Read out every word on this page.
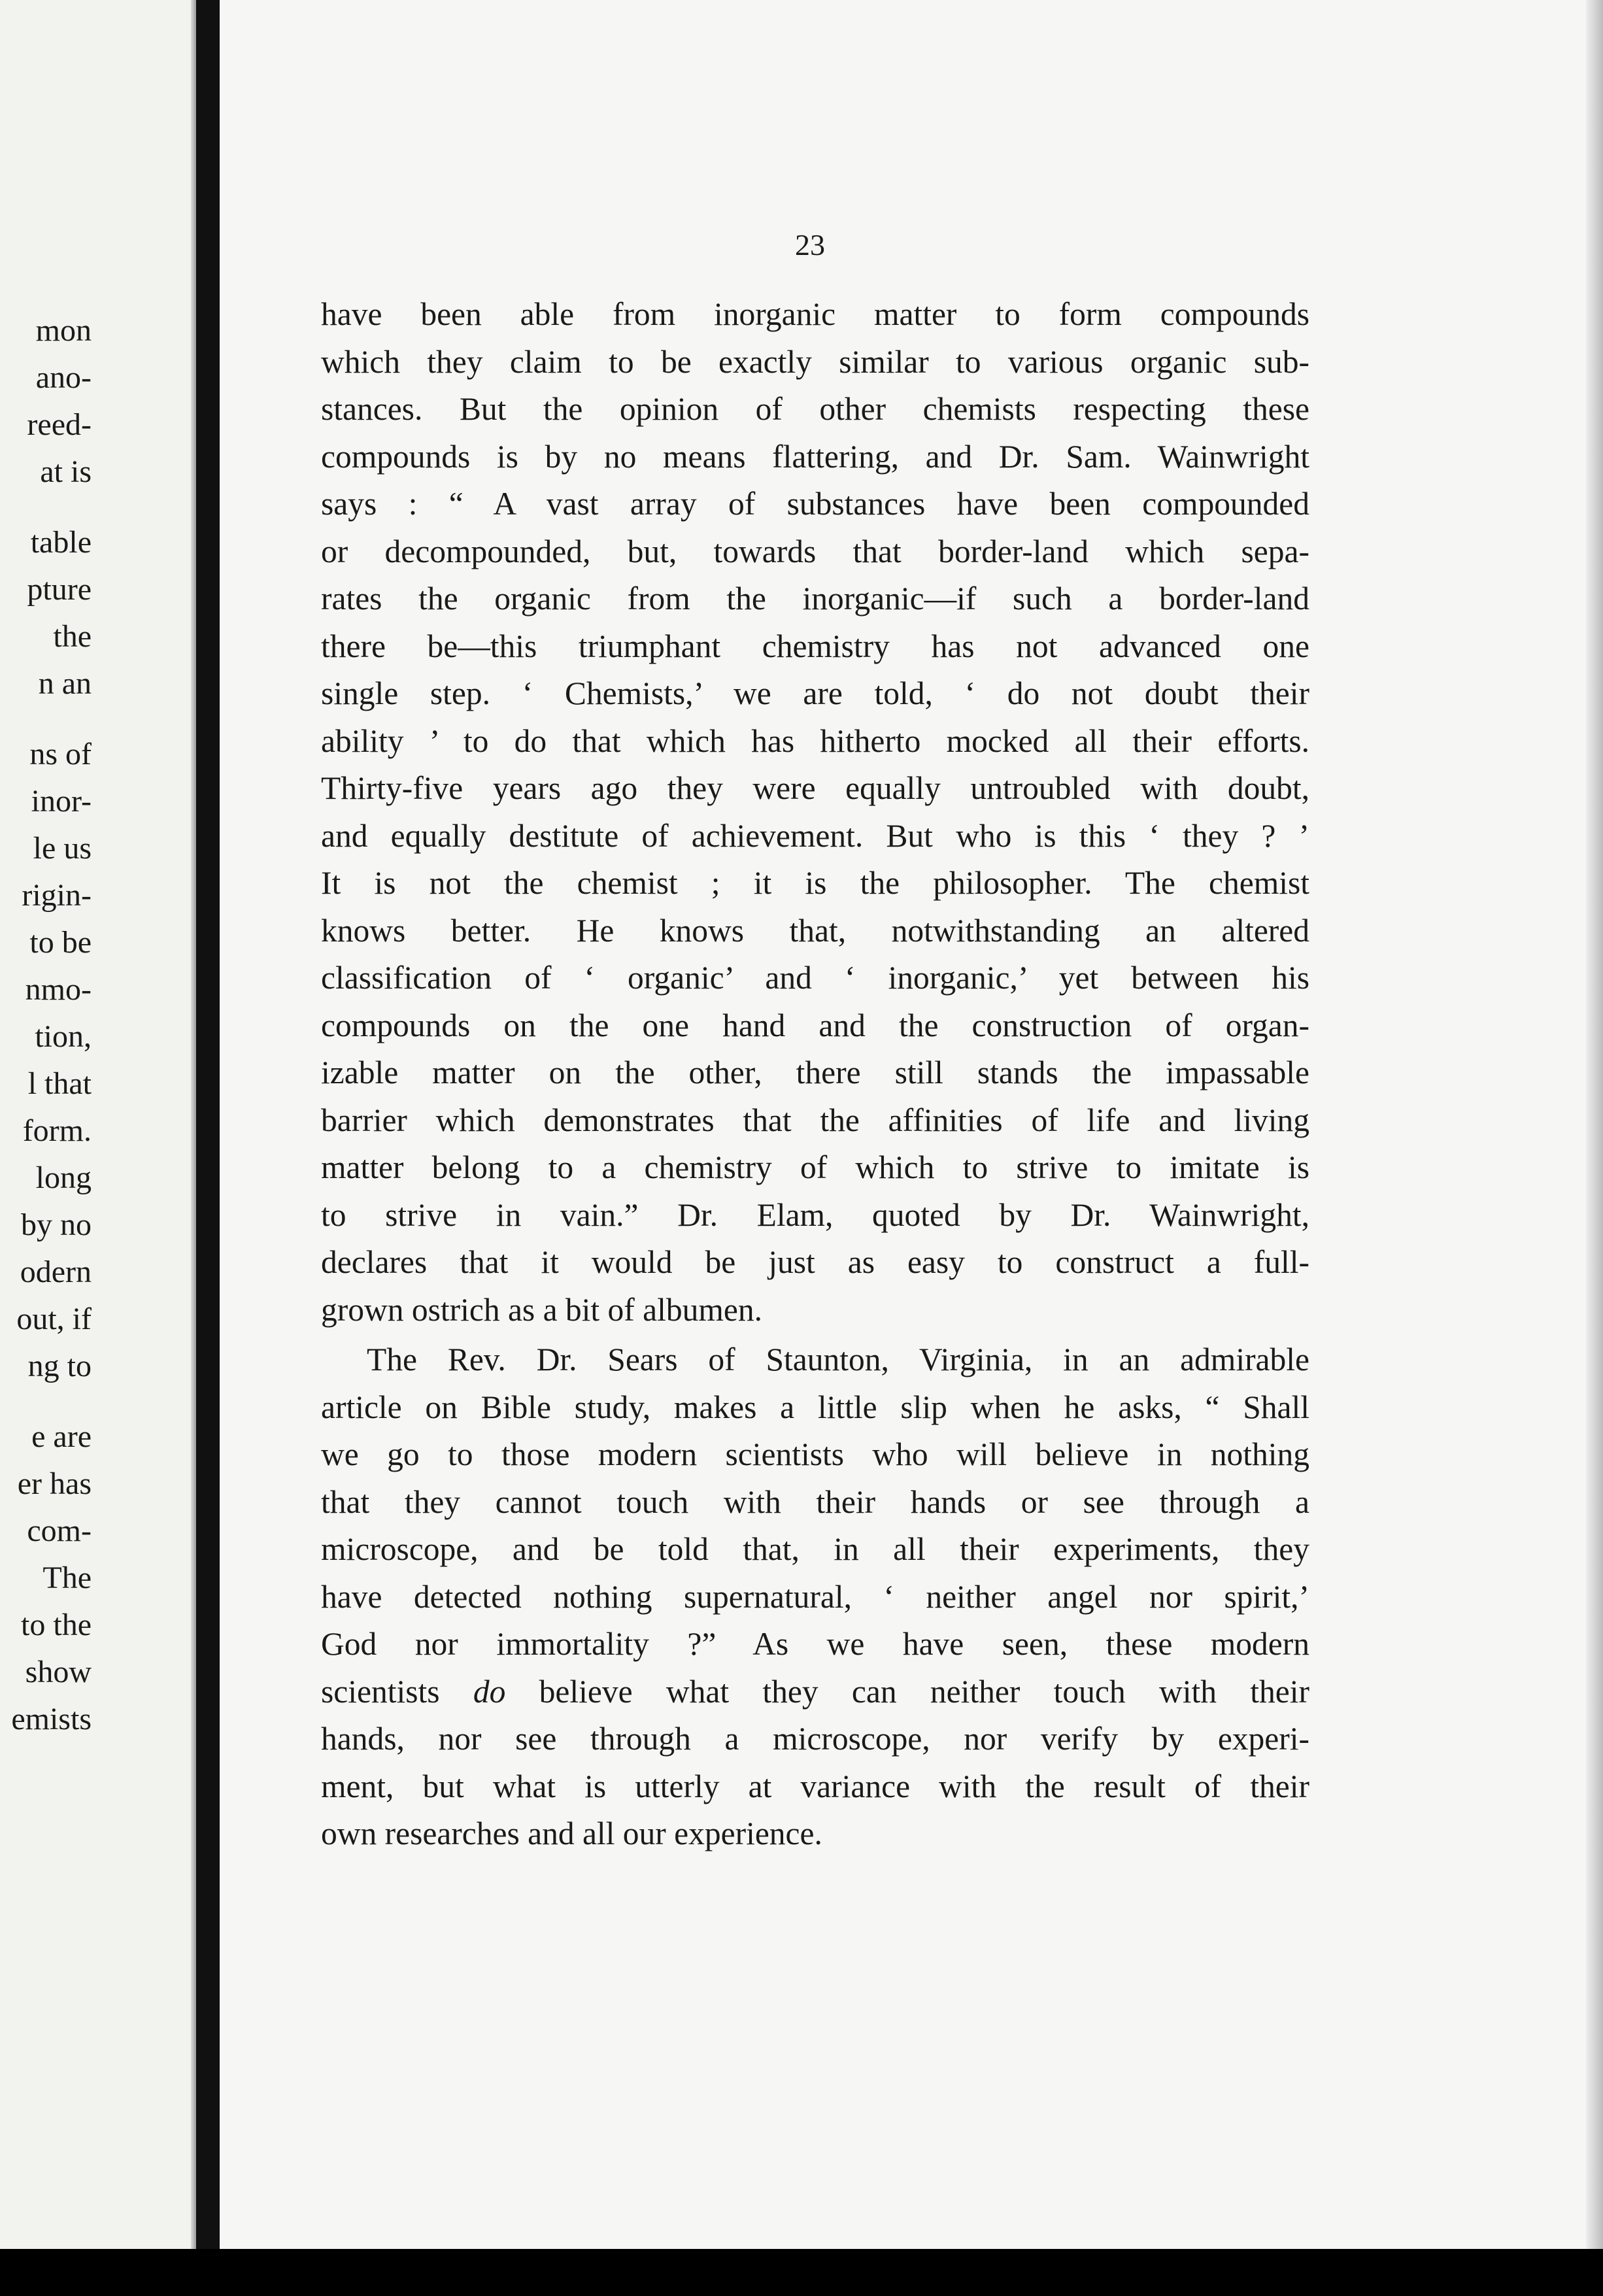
mon
ano-
reed-
at is
table
pture
the
n an
ns of
inor-
le us
rigin-
to be
nmo-
tion,
l that
form.
long
by no
odern
out, if
ng to
e are
er has
com-
The
to the
show
emists
23
have been able from inorganic matter to form compounds
which they claim to be exactly similar to various organic sub-
stances. But the opinion of other chemists respecting these
compounds is by no means flattering, and Dr. Sam. Wainwright
says : “ A vast array of substances have been compounded
or decompounded, but, towards that border-land which sepa-
rates the organic from the inorganic—if such a border-land
there be—this triumphant chemistry has not advanced one
single step. ‘ Chemists,’ we are told, ‘ do not doubt their
ability ’ to do that which has hitherto mocked all their efforts.
Thirty-five years ago they were equally untroubled with doubt,
and equally destitute of achievement. But who is this ‘ they ? ’
It is not the chemist ; it is the philosopher. The chemist
knows better. He knows that, notwithstanding an altered
classification of ‘ organic’ and ‘ inorganic,’ yet between his
compounds on the one hand and the construction of organ-
izable matter on the other, there still stands the impassable
barrier which demonstrates that the affinities of life and living
matter belong to a chemistry of which to strive to imitate is
to strive in vain.” Dr. Elam, quoted by Dr. Wainwright,
declares that it would be just as easy to construct a full-
grown ostrich as a bit of albumen.
The Rev. Dr. Sears of Staunton, Virginia, in an admirable
article on Bible study, makes a little slip when he asks, “ Shall
we go to those modern scientists who will believe in nothing
that they cannot touch with their hands or see through a
microscope, and be told that, in all their experiments, they
have detected nothing supernatural, ‘ neither angel nor spirit,’
God nor immortality ?” As we have seen, these modern
scientists do believe what they can neither touch with their
hands, nor see through a microscope, nor verify by experi-
ment, but what is utterly at variance with the result of their
own researches and all our experience.
